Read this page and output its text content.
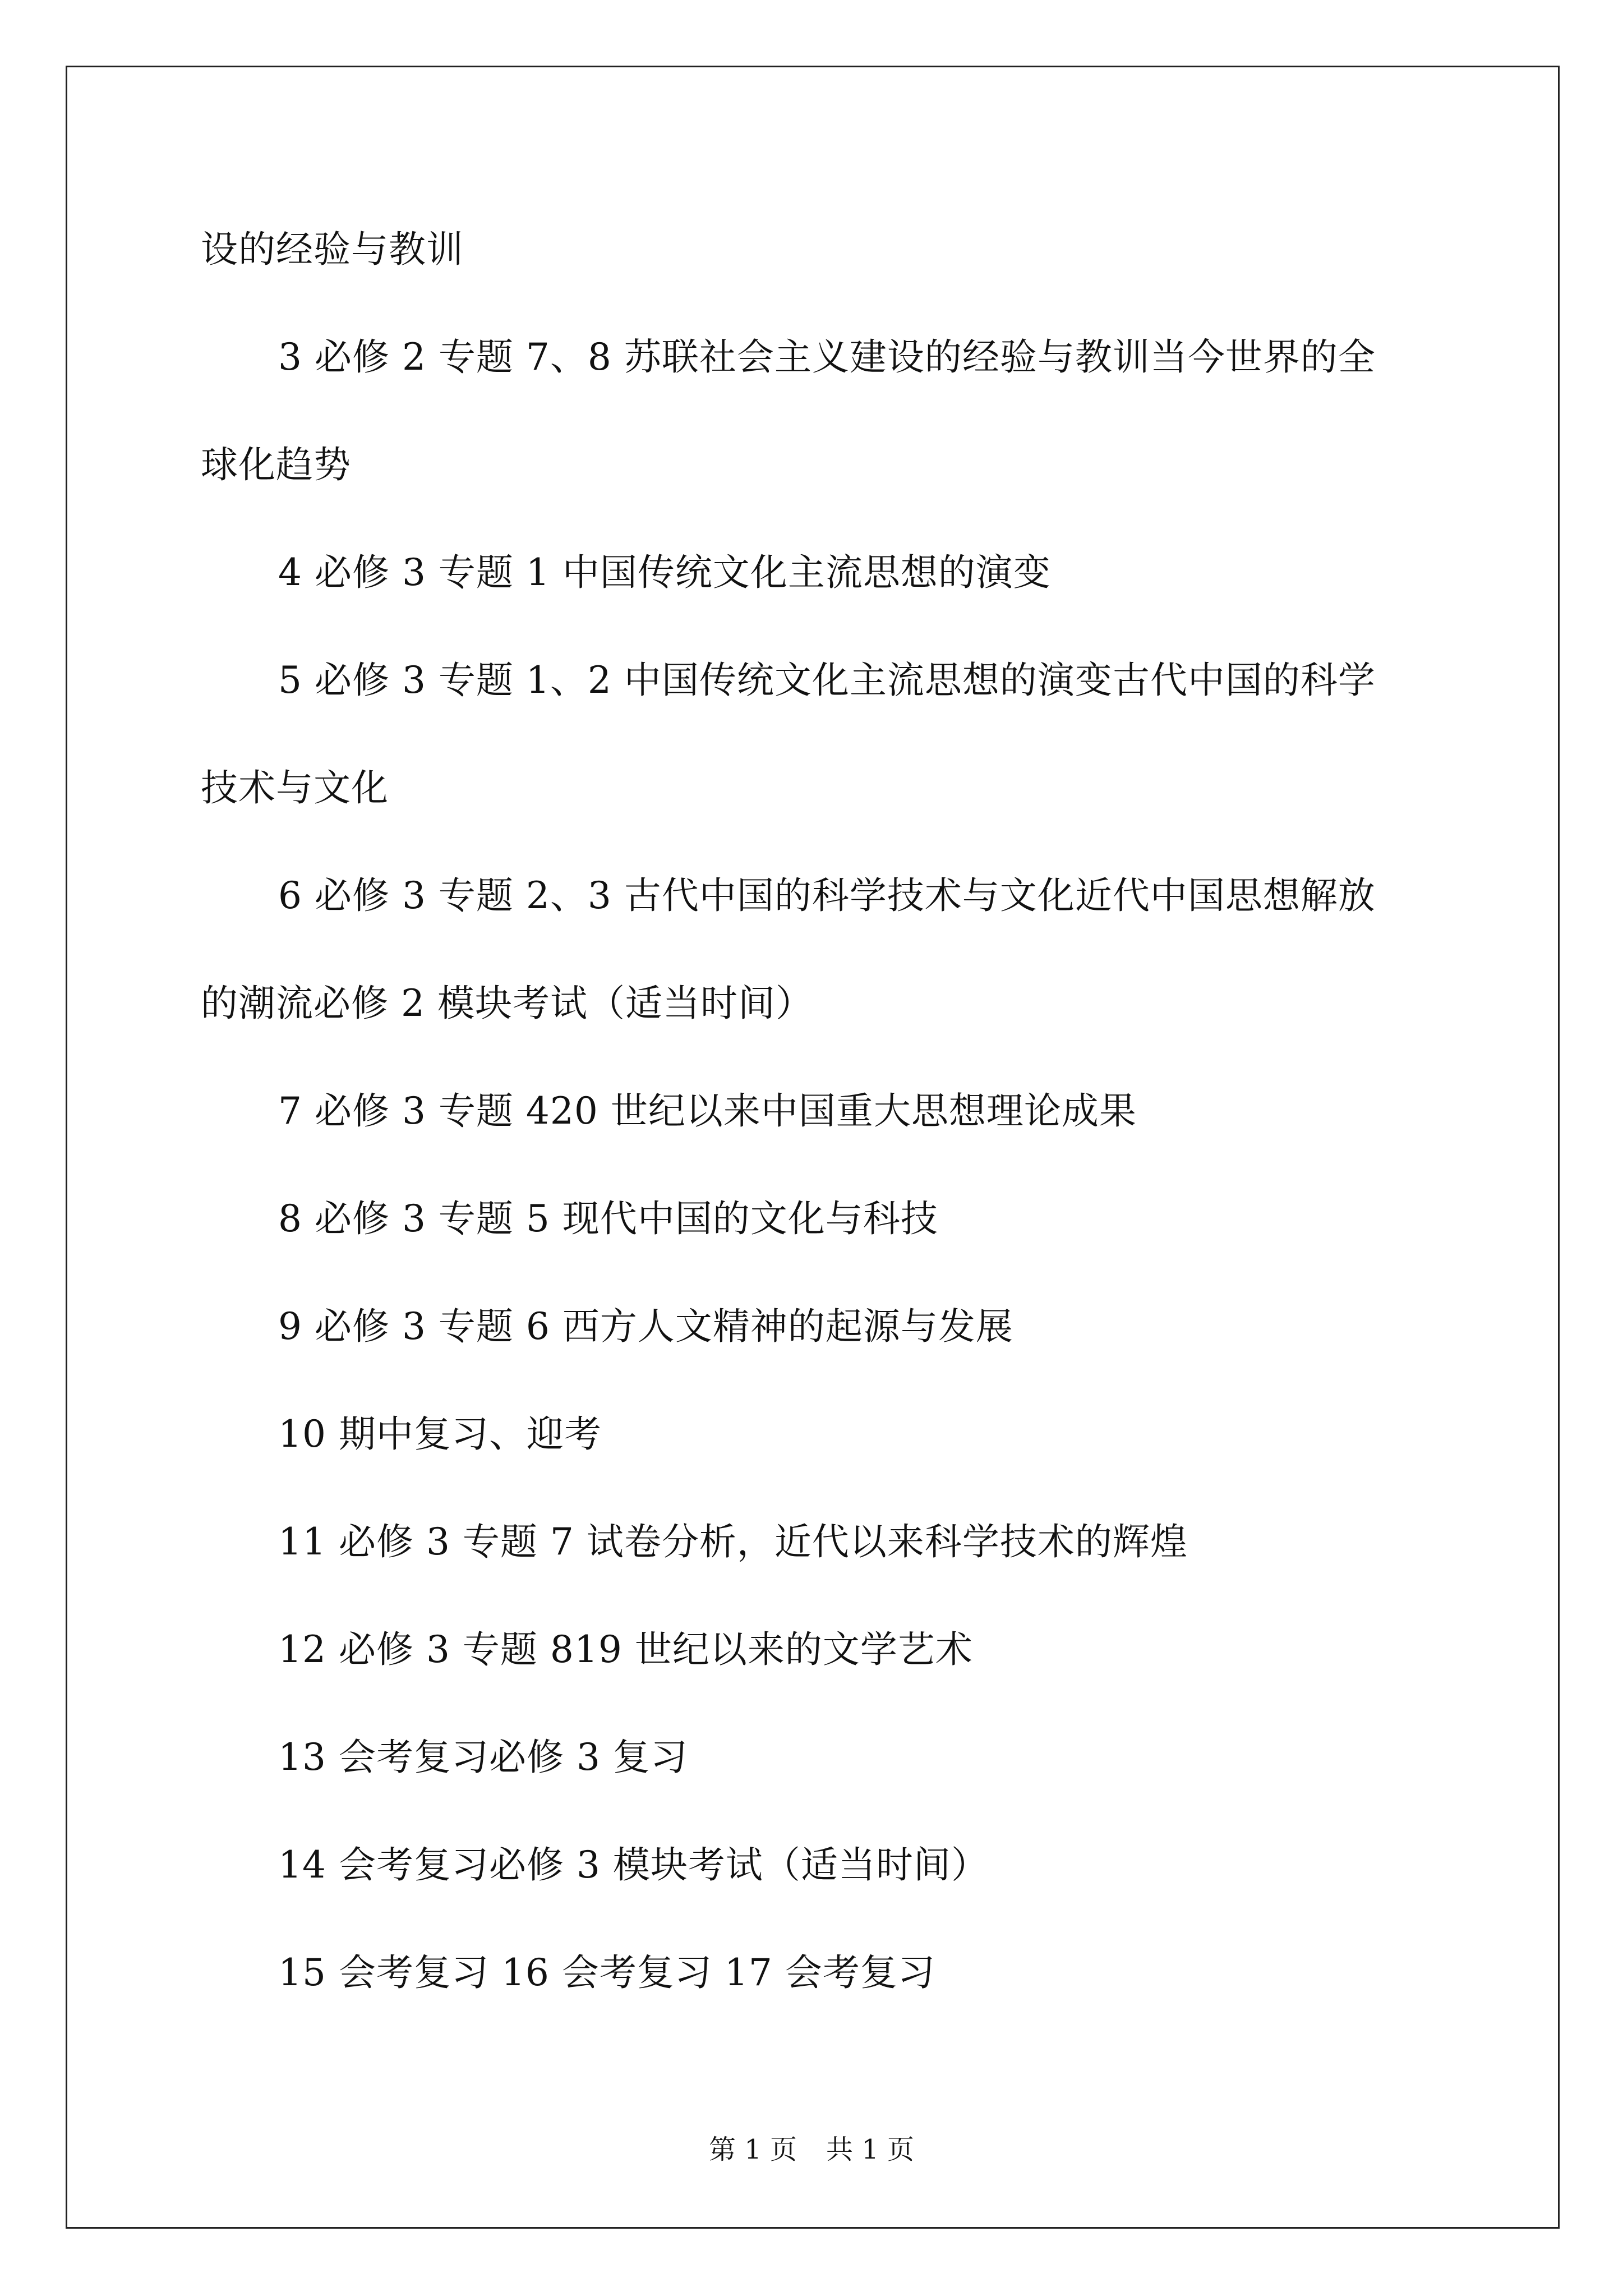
设的经验与教训
3 必修 2 专题 7、8 苏联社会主义建设的经验与教训当今世界的全
球化趋势
4 必修 3 专题 1 中国传统文化主流思想的演变
5 必修 3 专题 1、2 中国传统文化主流思想的演变古代中国的科学
技术与文化
6 必修 3 专题 2、3 古代中国的科学技术与文化近代中国思想解放
的潮流必修 2 模块考试（适当时间）
7 必修 3 专题 420 世纪以来中国重大思想理论成果
8 必修 3 专题 5 现代中国的文化与科技
9 必修 3 专题 6 西方人文精神的起源与发展
10 期中复习、迎考
11 必修 3 专题 7 试卷分析，近代以来科学技术的辉煌
12 必修 3 专题 819 世纪以来的文学艺术
13 会考复习必修 3 复习
14 会考复习必修 3 模块考试（适当时间）
15 会考复习 16 会考复习 17 会考复习
第 1 页 共 1 页
